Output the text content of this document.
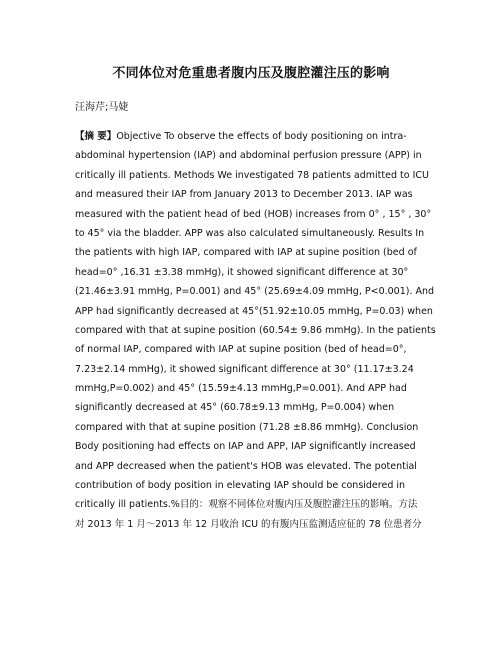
不同体位对危重患者腹内压及腹腔灌注压的影响
汪海芹;马婕
【摘 要】Objective To observe the effects of body positioning on intra-
abdominal hypertension (IAP) and abdominal perfusion pressure (APP) in
critically ill patients. Methods We investigated 78 patients admitted to ICU
and measured their IAP from January 2013 to December 2013. IAP was
measured with the patient head of bed (HOB) increases from 0° , 15° , 30°
to 45° via the bladder. APP was also calculated simultaneously. Results In
the patients with high IAP, compared with IAP at supine position (bed of
head=0° ,16.31 ±3.38 mmHg), it showed significant difference at 30°
(21.46±3.91 mmHg, P=0.001) and 45° (25.69±4.09 mmHg, P<0.001). And
APP had significantly decreased at 45°(51.92±10.05 mmHg, P=0.03) when
compared with that at supine position (60.54± 9.86 mmHg). In the patients
of normal IAP, compared with IAP at supine position (bed of head=0°,
7.23±2.14 mmHg), it showed significant difference at 30° (11.17±3.24
mmHg,P=0.002) and 45° (15.59±4.13 mmHg,P=0.001). And APP had
significantly decreased at 45° (60.78±9.13 mmHg, P=0.004) when
compared with that at supine position (71.28 ±8.86 mmHg). Conclusion
Body positioning had effects on IAP and APP, IAP significantly increased
and APP decreased when the patient's HOB was elevated. The potential
contribution of body position in elevating IAP should be considered in
critically ill patients.%目的：观察不同体位对腹内压及腹腔灌注压的影响。方法
对 2013 年 1 月～2013 年 12 月收治 ICU 的有腹内压监测适应征的 78 位患者分
